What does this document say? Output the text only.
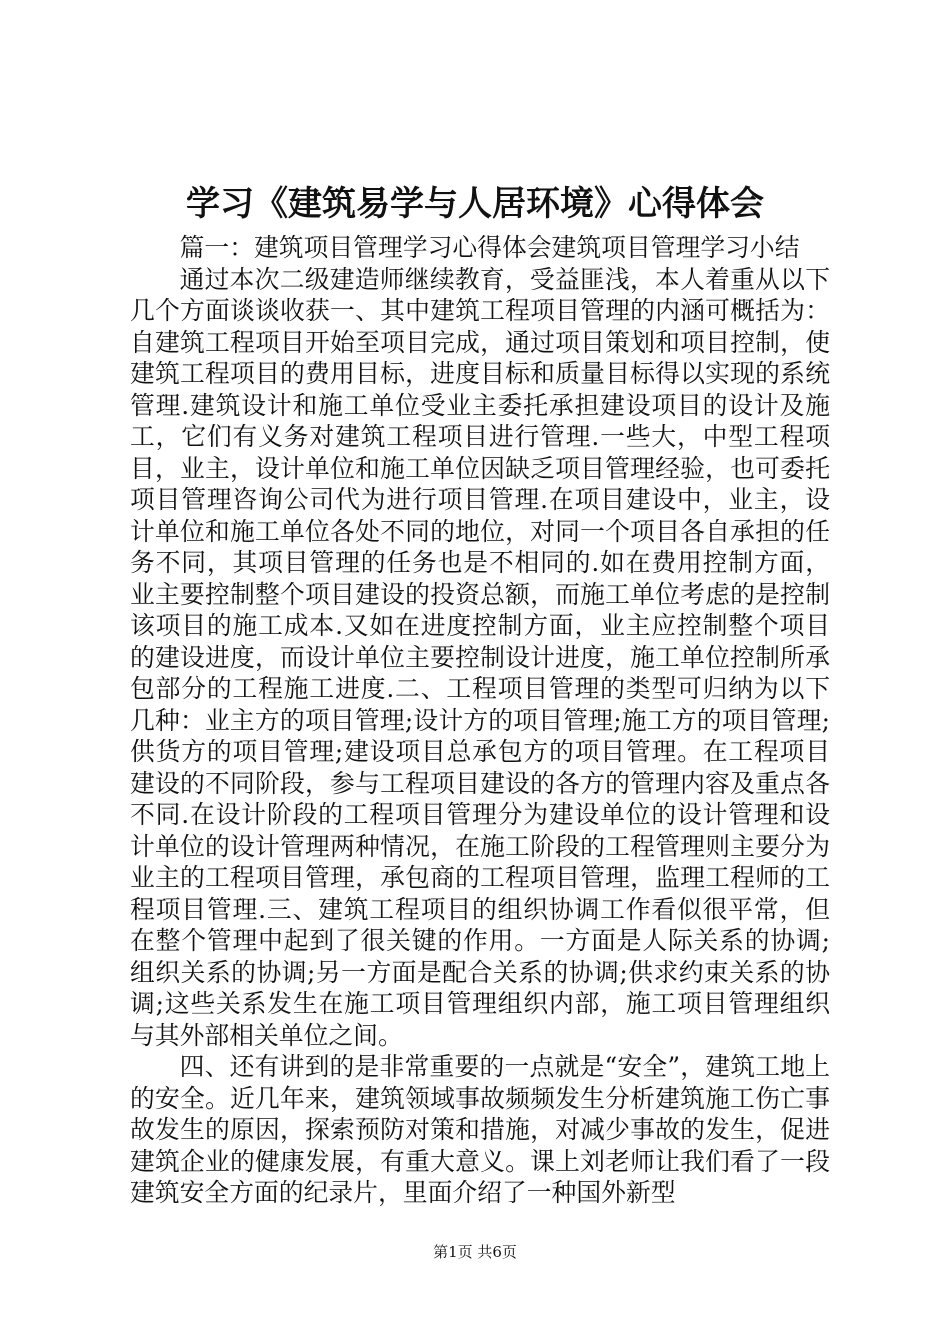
学习《建筑易学与人居环境》心得体会

篇一：建筑项目管理学习心得体会建筑项目管理学习小结

通过本次二级建造师继续教育，受益匪浅，本人着重从以下几个方面谈谈收获一、其中建筑工程项目管理的内涵可概括为：自建筑工程项目开始至项目完成，通过项目策划和项目控制，使建筑工程项目的费用目标，进度目标和质量目标得以实现的系统管理.建筑设计和施工单位受业主委托承担建设项目的设计及施工，它们有义务对建筑工程项目进行管理.一些大，中型工程项目，业主，设计单位和施工单位因缺乏项目管理经验，也可委托项目管理咨询公司代为进行项目管理.在项目建设中，业主，设计单位和施工单位各处不同的地位，对同一个项目各自承担的任务不同，其项目管理的任务也是不相同的.如在费用控制方面，业主要控制整个项目建设的投资总额，而施工单位考虑的是控制该项目的施工成本.又如在进度控制方面，业主应控制整个项目的建设进度，而设计单位主要控制设计进度，施工单位控制所承包部分的工程施工进度.二、工程项目管理的类型可归纳为以下几种：业主方的项目管理;设计方的项目管理;施工方的项目管理;供货方的项目管理;建设项目总承包方的项目管理。在工程项目建设的不同阶段，参与工程项目建设的各方的管理内容及重点各不同.在设计阶段的工程项目管理分为建设单位的设计管理和设计单位的设计管理两种情况，在施工阶段的工程管理则主要分为业主的工程项目管理，承包商的工程项目管理，监理工程师的工程项目管理.三、建筑工程项目的组织协调工作看似很平常，但在整个管理中起到了很关键的作用。一方面是人际关系的协调;组织关系的协调;另一方面是配合关系的协调;供求约束关系的协调;这些关系发生在施工项目管理组织内部，施工项目管理组织与其外部相关单位之间。

四、还有讲到的是非常重要的一点就是“安全”，建筑工地上的安全。近几年来，建筑领域事故频频发生分析建筑施工伤亡事故发生的原因，探索预防对策和措施，对减少事故的发生，促进建筑企业的健康发展，有重大意义。课上刘老师让我们看了一段建筑安全方面的纪录片，里面介绍了一种国外新型

第1页 共6页
